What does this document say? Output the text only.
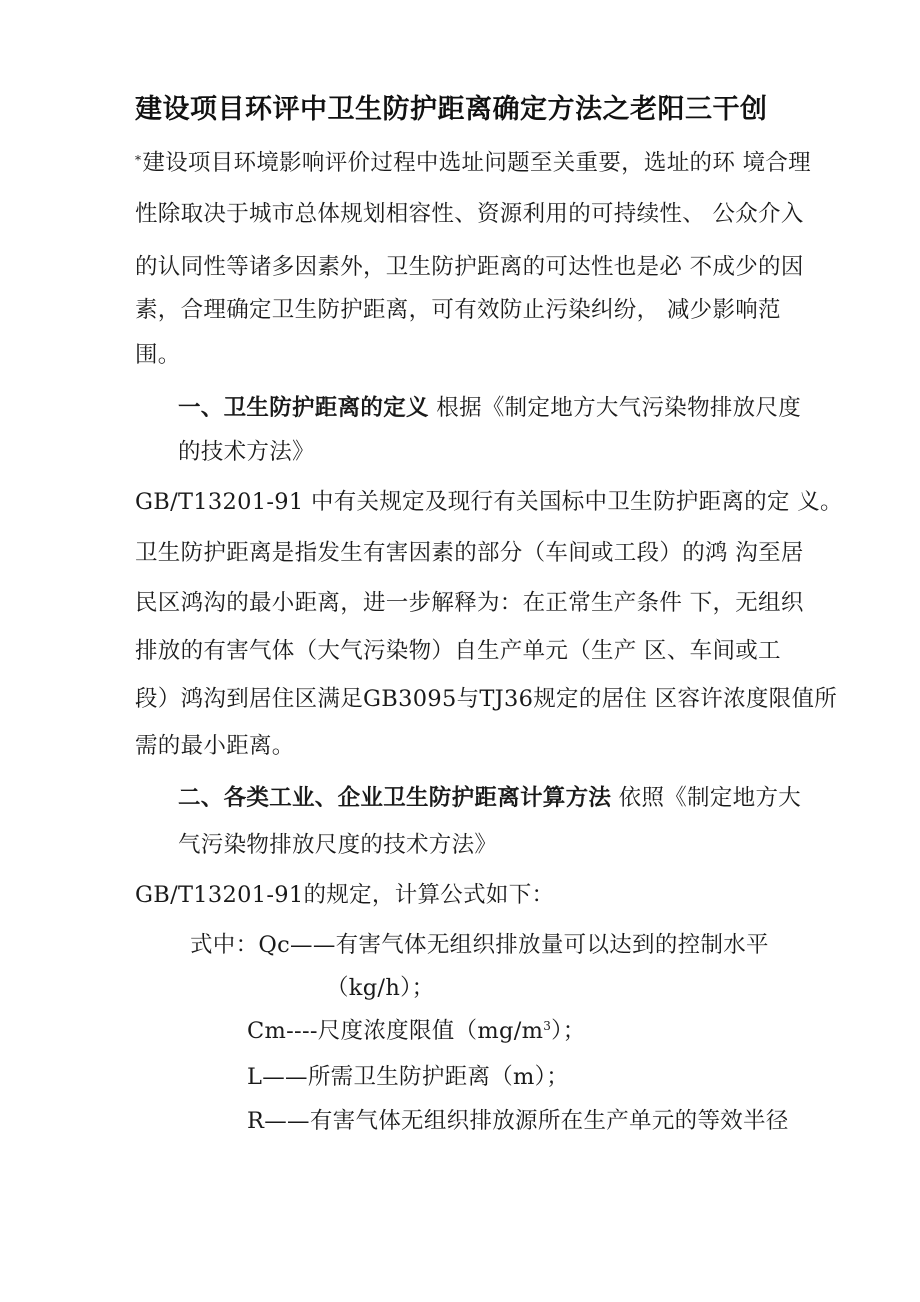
建设项目环评中卫生防护距离确定方法之老阳三干创
*建设项目环境影响评价过程中选址问题至关重要，选址的环 境合理
性除取决于城市总体规划相容性、资源利用的可持续性、 公众介入
的认同性等诸多因素外，卫生防护距离的可达性也是必 不成少的因
素，合理确定卫生防护距离，可有效防止污染纠纷， 减少影响范
围。
一、卫生防护距离的定义 根据《制定地方大气污染物排放尺度
的技术方法》
GB/T13201-91 中有关规定及现行有关国标中卫生防护距离的定 义。
卫生防护距离是指发生有害因素的部分（车间或工段）的鸿 沟至居
民区鸿沟的最小距离，进一步解释为：在正常生产条件 下，无组织
排放的有害气体（大气污染物）自生产单元（生产 区、车间或工
段）鸿沟到居住区满足GB3095与TJ36规定的居住 区容许浓度限值所
需的最小距离。
二、各类工业、企业卫生防护距离计算方法 依照《制定地方大
气污染物排放尺度的技术方法》
GB/T13201-91的规定，计算公式如下：
式中：Qc——有害气体无组织排放量可以达到的控制水平
（kg/h）；
Cm----尺度浓度限值$(mg/m^3)$；
L——所需卫生防护距离（m）；
R——有害气体无组织排放源所在生产单元的等效半径
